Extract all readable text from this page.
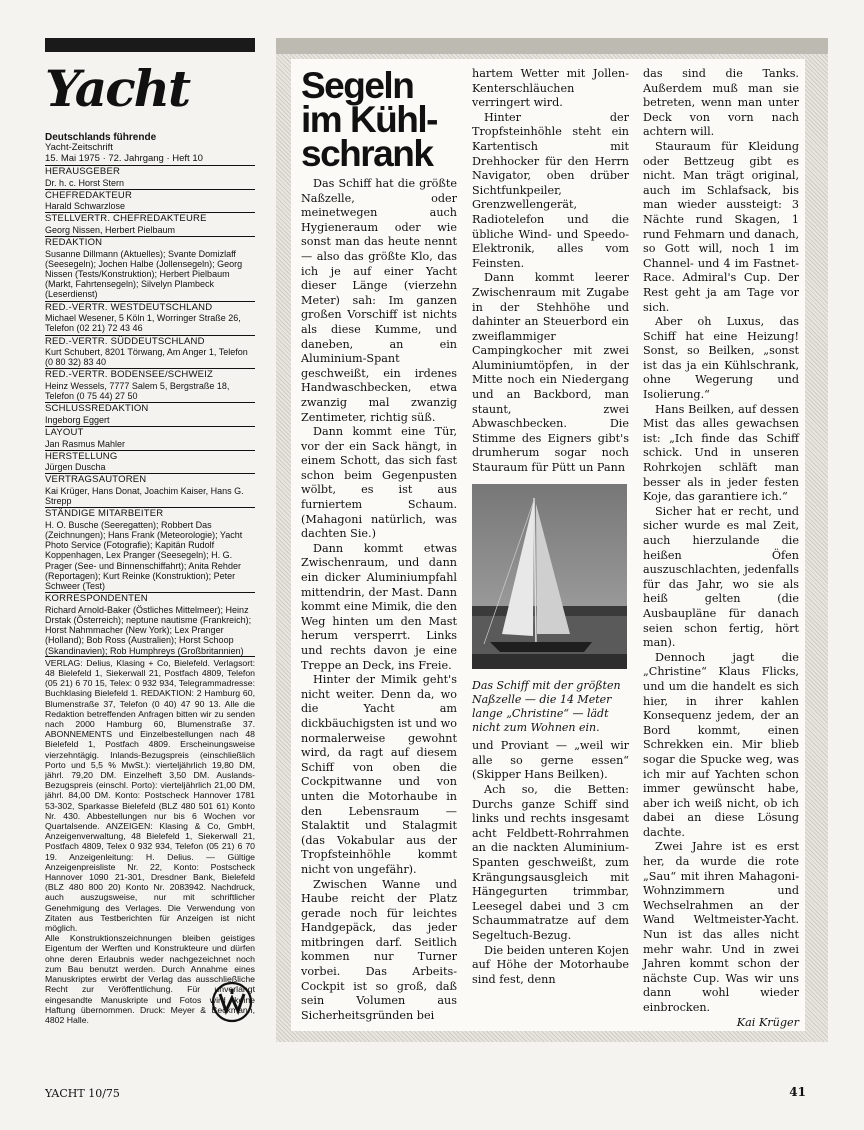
Yacht
Deutschlands führende
Yacht-Zeitschrift
15. Mai 1975 · 72. Jahrgang · Heft 10
HERAUSGEBER
Dr. h. c. Horst Stern
CHEFREDAKTEUR
Harald Schwarzlose
STELLVERTR. CHEFREDAKTEURE
Georg Nissen, Herbert Pielbaum
REDAKTION
Susanne Dillmann (Aktuelles); Svante Domizlaff (Seesegeln); Jochen Halbe (Jollensegeln); Georg Nissen (Tests/Konstruktion); Herbert Pielbaum (Markt, Fahrtensegeln); Silvelyn Plambeck (Leserdienst)
RED.-VERTR. WESTDEUTSCHLAND
Michael Wesener, 5 Köln 1, Worringer Straße 26, Telefon (02 21) 72 43 46
RED.-VERTR. SÜDDEUTSCHLAND
Kurt Schubert, 8201 Törwang, Am Anger 1, Telefon (0 80 32) 83 40
RED.-VERTR. BODENSEE/SCHWEIZ
Heinz Wessels, 7777 Salem 5, Bergstraße 18, Telefon (0 75 44) 27 50
SCHLUSSREDAKTION
Ingeborg Eggert
LAYOUT
Jan Rasmus Mahler
HERSTELLUNG
Jürgen Duscha
VERTRAGSAUTOREN
Kai Krüger, Hans Donat, Joachim Kaiser, Hans G. Strepp
STÄNDIGE MITARBEITER
H. O. Busche (Seeregatten); Robbert Das (Zeichnungen); Hans Frank (Meteorologie); Yacht Photo Service (Fotografie); Kapitän Rudolf Koppenhagen, Lex Pranger (Seesegeln); H. G. Prager (See- und Binnenschiffahrt); Anita Rehder (Reportagen); Kurt Reinke (Konstruktion); Peter Schweer (Test)
KORRESPONDENTEN
Richard Arnold-Baker (Östliches Mittelmeer); Heinz Drstak (Österreich); neptune nautisme (Frankreich); Horst Nahmmacher (New York); Lex Pranger (Holland); Bob Ross (Australien); Horst Schoop (Skandinavien); Rob Humphreys (Großbritannien)
VERLAG: Delius, Klasing + Co, Bielefeld. Verlagsort: 48 Bielefeld 1, Siekerwall 21, Postfach 4809, Telefon (05 21) 6 70 15, Telex: 0 932 934, Telegrammadresse: Buchklasing Bielefeld 1. REDAKTION: 2 Hamburg 60, Blumenstraße 37, Telefon (0 40) 47 90 13. Alle die Redaktion betreffenden Anfragen bitten wir zu senden nach 2000 Hamburg 60, Blumenstraße 37. ABONNEMENTS und Einzelbestellungen nach 48 Bielefeld 1, Postfach 4809. Erscheinungsweise vierzehntägig. Inlands-Bezugspreis (einschließlich Porto und 5,5 % MwSt.): vierteljährlich 19,80 DM, jährl. 79,20 DM. Einzelheft 3,50 DM. Auslands-Bezugspreis (einschl. Porto): vierteljährlich 21,00 DM, jährl. 84,00 DM. Konto: Postscheck Hannover 1781 53-302, Sparkasse Bielefeld (BLZ 480 501 61) Konto Nr. 430. Abbestellungen nur bis 6 Wochen vor Quartalsende. ANZEIGEN: Klasing & Co, GmbH, Anzeigenverwaltung, 48 Bielefeld 1, Siekerwall 21, Postfach 4809, Telex 0 932 934, Telefon (05 21) 6 70 19. Anzeigenleitung: H. Delius. — Gültige Anzeigenpreisliste Nr. 22, Konto: Postscheck Hannover 1090 21-301, Dresdner Bank, Bielefeld (BLZ 480 800 20) Konto Nr. 2083942. Nachdruck, auch auszugsweise, nur mit schriftlicher Genehmigung des Verlages. Die Verwendung von Zitaten aus Testberichten für Anzeigen ist nicht möglich.
Alle Konstruktionszeichnungen bleiben geistiges Eigentum der Werften und Konstrukteure und dürfen ohne deren Erlaubnis weder nachgezeichnet noch zum Bau benutzt werden. Durch Annahme eines Manuskriptes erwirbt der Verlag das ausschließliche Recht zur Veröffentlichung. Für unverlangt eingesandte Manuskripte und Fotos wird keine Haftung übernommen. Druck: Meyer & Beckmann, 4802 Halle.
Segeln
im Kühl-
schrank

Das Schiff hat die größte Naßzelle, oder meinetwegen auch Hygieneraum oder wie sonst man das heute nennt — also das größte Klo, das ich je auf einer Yacht dieser Länge (vierzehn Meter) sah: Im ganzen großen Vorschiff ist nichts als diese Kumme, und daneben, an ein Aluminium-Spant geschweißt, ein irdenes Handwaschbecken, etwa zwanzig mal zwanzig Zentimeter, richtig süß.

Dann kommt eine Tür, vor der ein Sack hängt, in einem Schott, das sich fast schon beim Gegenpusten wölbt, es ist aus furniertem Schaum. (Mahagoni natürlich, was dachten Sie.)

Dann kommt etwas Zwischenraum, und dann ein dicker Aluminiumpfahl mittendrin, der Mast. Dann kommt eine Mimik, die den Weg hinten um den Mast herum versperrt. Links und rechts davon je eine Treppe an Deck, ins Freie.

Hinter der Mimik geht's nicht weiter. Denn da, wo die Yacht am dickbäuchigsten ist und wo normalerweise gewohnt wird, da ragt auf diesem Schiff von oben die Cockpitwanne und von unten die Motorhaube in den Lebensraum — Stalaktit und Stalagmit (das Vokabular aus der Tropfsteinhöhle kommt nicht von ungefähr).

Zwischen Wanne und Haube reicht der Platz gerade noch für leichtes Handgepäck, das jeder mitbringen darf. Seitlich kommen nur Turner vorbei. Das Arbeits-Cockpit ist so groß, daß sein Volumen aus Sicherheitsgründen bei

hartem Wetter mit Jollen-Kenterschläuchen verringert wird.

Hinter der Tropfsteinhöhle steht ein Kartentisch mit Drehhocker für den Herrn Navigator, oben drüber Sichtfunkpeiler, Grenzwellengerät, Radiotelefon und die übliche Wind- und Speedo-Elektronik, alles vom Feinsten.

Dann kommt leerer Zwischenraum mit Zugabe in der Stehhöhe und dahinter an Steuerbord ein zweiflammiger Campingkocher mit zwei Aluminiumtöpfen, in der Mitte noch ein Niedergang und an Backbord, man staunt, zwei Abwaschbecken. Die Stimme des Eigners gibt's drumherum sogar noch Stauraum für Pütt un Pann

Das Schiff mit der größten Naßzelle — die 14 Meter lange „Christine“ — lädt nicht zum Wohnen ein.

und Proviant — „weil wir alle so gerne essen“ (Skipper Hans Beilken).

Ach so, die Betten: Durchs ganze Schiff sind links und rechts insgesamt acht Feldbett-Rohrrahmen an die nackten Aluminium-Spanten geschweißt, zum Krängungsausgleich mit Hängegurten trimmbar, Leesegel dabei und 3 cm Schaummatratze auf dem Segeltuch-Bezug.

Die beiden unteren Kojen auf Höhe der Motorhaube sind fest, denn

das sind die Tanks. Außerdem muß man sie betreten, wenn man unter Deck von vorn nach achtern will.

Stauraum für Kleidung oder Bettzeug gibt es nicht. Man trägt original, auch im Schlafsack, bis man wieder aussteigt: 3 Nächte rund Skagen, 1 rund Fehmarn und danach, so Gott will, noch 1 im Channel- und 4 im Fastnet-Race. Admiral's Cup. Der Rest geht ja am Tage vor sich.

Aber oh Luxus, das Schiff hat eine Heizung! Sonst, so Beilken, „sonst ist das ja ein Kühlschrank, ohne Wegerung und Isolierung.“

Hans Beilken, auf dessen Mist das alles gewachsen ist: „Ich finde das Schiff schick. Und in unseren Rohrkojen schläft man besser als in jeder festen Koje, das garantiere ich.“

Sicher hat er recht, und sicher wurde es mal Zeit, auch hierzulande die heißen Öfen auszuschlachten, jedenfalls für das Jahr, wo sie als heiß gelten (die Ausbaupläne für danach seien schon fertig, hört man).

Dennoch jagt die „Christine“ Klaus Flicks, und um die handelt es sich hier, in ihrer kahlen Konsequenz jedem, der an Bord kommt, einen Schrekken ein. Mir blieb sogar die Spucke weg, was ich mir auf Yachten schon immer gewünscht habe, aber ich weiß nicht, ob ich dabei an diese Lösung dachte.

Zwei Jahre ist es erst her, da wurde die rote „Sau“ mit ihren Mahagoni-Wohnzimmern und Wechselrahmen an der Wand Weltmeister-Yacht. Nun ist das alles nicht mehr wahr. Und in zwei Jahren kommt schon der nächste Cup. Was wir uns dann wohl wieder einbrocken.

Kai Krüger
YACHT 10/75	41
